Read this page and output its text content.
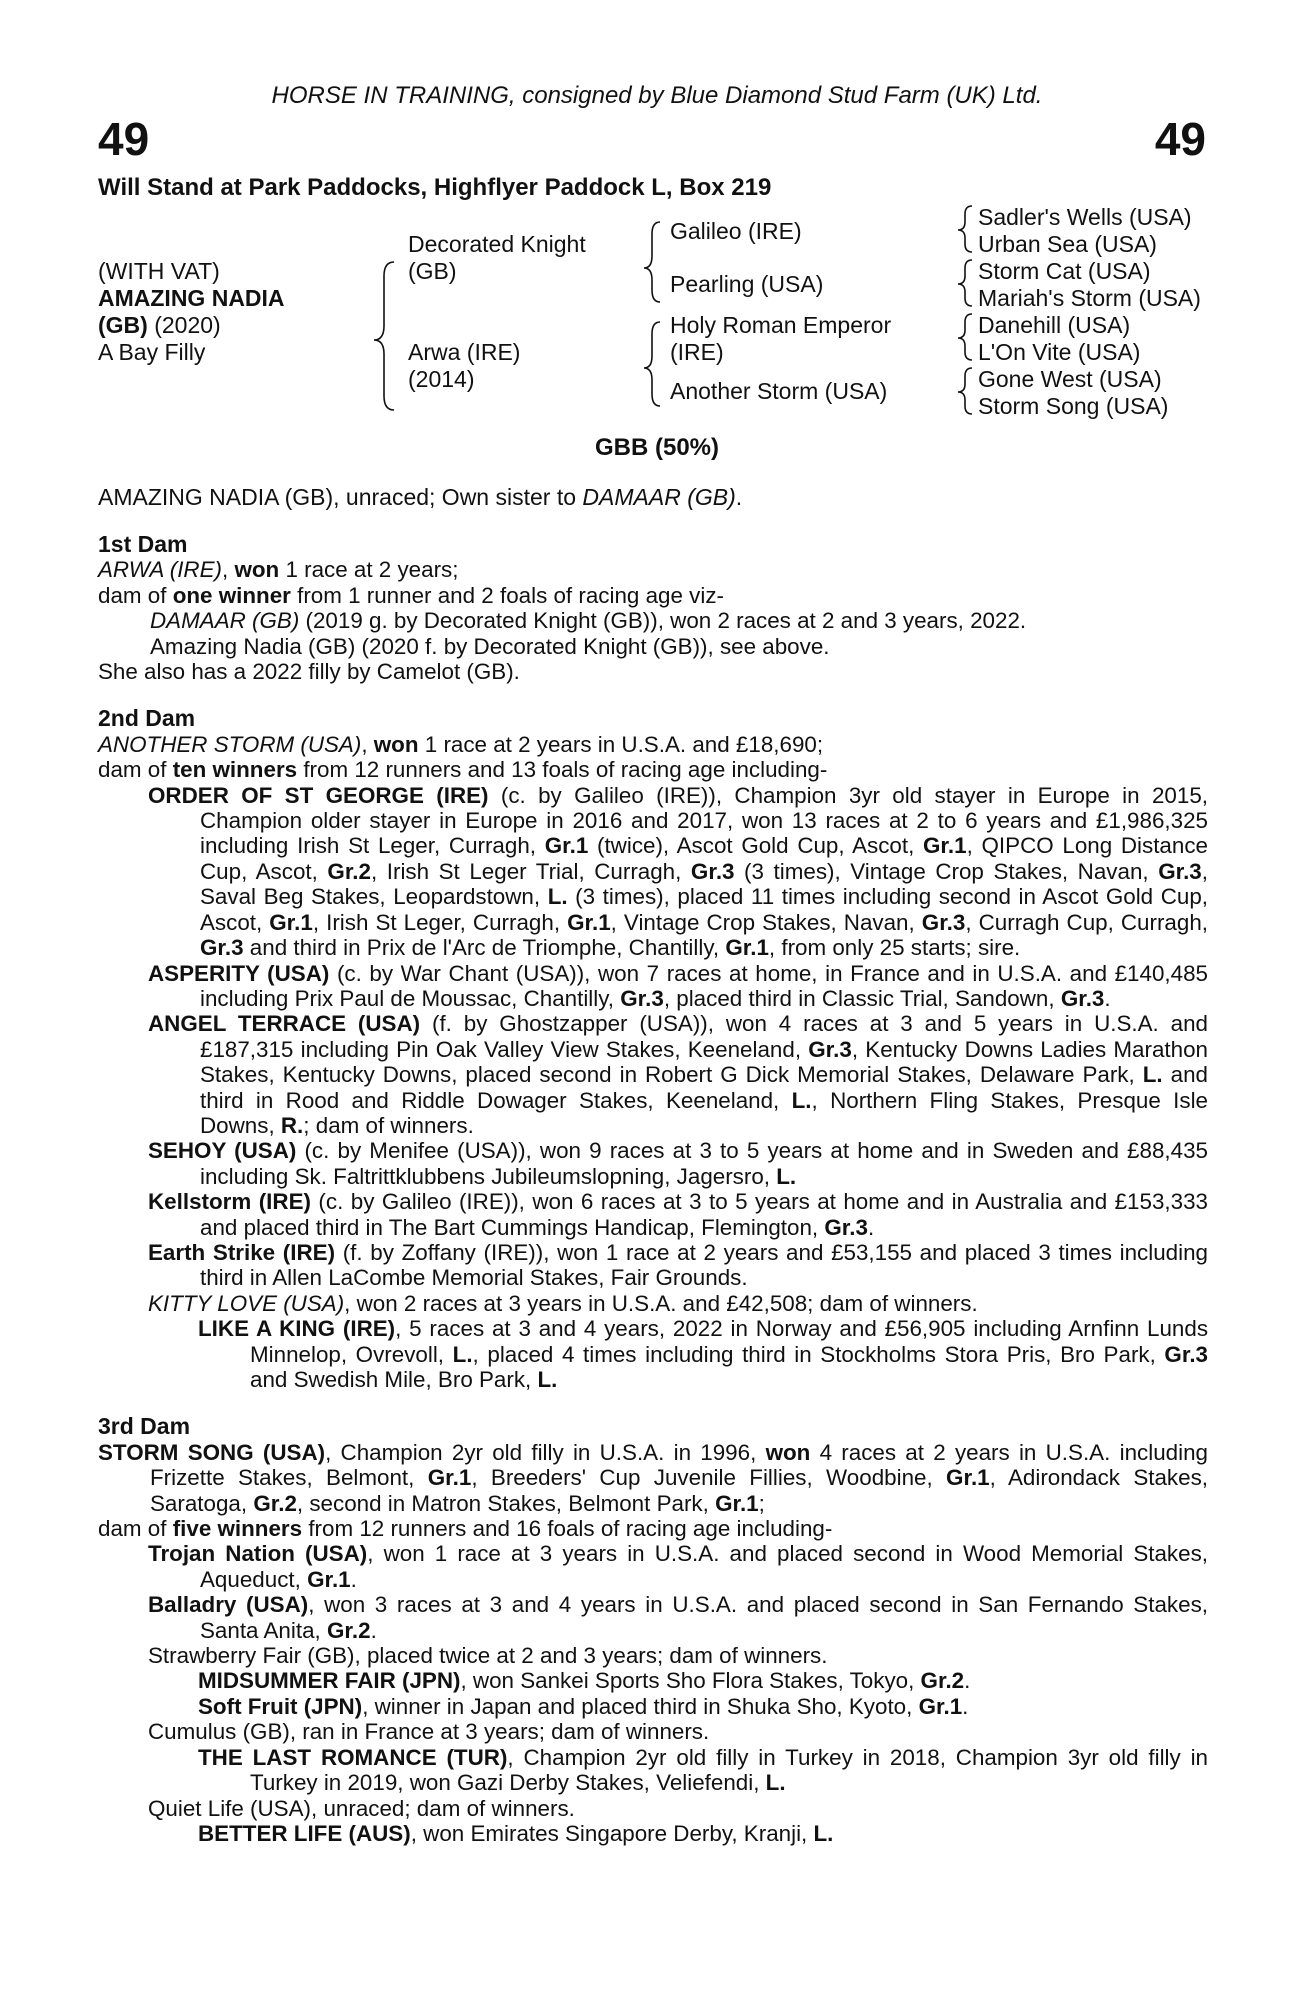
HORSE IN TRAINING, consigned by Blue Diamond Stud Farm (UK) Ltd.
49	49
Will Stand at Park Paddocks, Highflyer Paddock L, Box 219
(WITH VAT)
AMAZING NADIA
(GB) (2020)
A Bay Filly
Decorated Knight
(GB)
Arwa (IRE)
(2014)
Galileo (IRE)
Pearling (USA)
Holy Roman Emperor
(IRE)
Another Storm (USA)
Sadler's Wells (USA)
Urban Sea (USA)
Storm Cat (USA)
Mariah's Storm (USA)
Danehill (USA)
L'On Vite (USA)
Gone West (USA)
Storm Song (USA)
GBB (50%)
AMAZING NADIA (GB), unraced; Own sister to DAMAAR (GB).

1st Dam

ARWA (IRE), won 1 race at 2 years;

dam of one winner from 1 runner and 2 foals of racing age viz-

DAMAAR (GB) (2019 g. by Decorated Knight (GB)), won 2 races at 2 and 3 years, 2022.

Amazing Nadia (GB) (2020 f. by Decorated Knight (GB)), see above.

She also has a 2022 filly by Camelot (GB).

2nd Dam

ANOTHER STORM (USA), won 1 race at 2 years in U.S.A. and £18,690;

dam of ten winners from 12 runners and 13 foals of racing age including-

ORDER OF ST GEORGE (IRE) (c. by Galileo (IRE)), Champion 3yr old stayer in Europe in 2015, Champion older stayer in Europe in 2016 and 2017, won 13 races at 2 to 6 years and £1,986,325 including Irish St Leger, Curragh, Gr.1 (twice), Ascot Gold Cup, Ascot, Gr.1, QIPCO Long Distance Cup, Ascot, Gr.2, Irish St Leger Trial, Curragh, Gr.3 (3 times), Vintage Crop Stakes, Navan, Gr.3, Saval Beg Stakes, Leopardstown, L. (3 times), placed 11 times including second in Ascot Gold Cup, Ascot, Gr.1, Irish St Leger, Curragh, Gr.1, Vintage Crop Stakes, Navan, Gr.3, Curragh Cup, Curragh, Gr.3 and third in Prix de l'Arc de Triomphe, Chantilly, Gr.1, from only 25 starts; sire.

ASPERITY (USA) (c. by War Chant (USA)), won 7 races at home, in France and in U.S.A. and £140,485 including Prix Paul de Moussac, Chantilly, Gr.3, placed third in Classic Trial, Sandown, Gr.3.

ANGEL TERRACE (USA) (f. by Ghostzapper (USA)), won 4 races at 3 and 5 years in U.S.A. and £187,315 including Pin Oak Valley View Stakes, Keeneland, Gr.3, Kentucky Downs Ladies Marathon Stakes, Kentucky Downs, placed second in Robert G Dick Memorial Stakes, Delaware Park, L. and third in Rood and Riddle Dowager Stakes, Keeneland, L., Northern Fling Stakes, Presque Isle Downs, R.; dam of winners.

SEHOY (USA) (c. by Menifee (USA)), won 9 races at 3 to 5 years at home and in Sweden and £88,435 including Sk. Faltrittklubbens Jubileumslopning, Jagersro, L.

Kellstorm (IRE) (c. by Galileo (IRE)), won 6 races at 3 to 5 years at home and in Australia and £153,333 and placed third in The Bart Cummings Handicap, Flemington, Gr.3.

Earth Strike (IRE) (f. by Zoffany (IRE)), won 1 race at 2 years and £53,155 and placed 3 times including third in Allen LaCombe Memorial Stakes, Fair Grounds.

KITTY LOVE (USA), won 2 races at 3 years in U.S.A. and £42,508; dam of winners.

LIKE A KING (IRE), 5 races at 3 and 4 years, 2022 in Norway and £56,905 including Arnfinn Lunds Minnelop, Ovrevoll, L., placed 4 times including third in Stockholms Stora Pris, Bro Park, Gr.3 and Swedish Mile, Bro Park, L.

3rd Dam

STORM SONG (USA), Champion 2yr old filly in U.S.A. in 1996, won 4 races at 2 years in U.S.A. including Frizette Stakes, Belmont, Gr.1, Breeders' Cup Juvenile Fillies, Woodbine, Gr.1, Adirondack Stakes, Saratoga, Gr.2, second in Matron Stakes, Belmont Park, Gr.1;

dam of five winners from 12 runners and 16 foals of racing age including-

Trojan Nation (USA), won 1 race at 3 years in U.S.A. and placed second in Wood Memorial Stakes, Aqueduct, Gr.1.

Balladry (USA), won 3 races at 3 and 4 years in U.S.A. and placed second in San Fernando Stakes, Santa Anita, Gr.2.

Strawberry Fair (GB), placed twice at 2 and 3 years; dam of winners.

MIDSUMMER FAIR (JPN), won Sankei Sports Sho Flora Stakes, Tokyo, Gr.2.

Soft Fruit (JPN), winner in Japan and placed third in Shuka Sho, Kyoto, Gr.1.

Cumulus (GB), ran in France at 3 years; dam of winners.

THE LAST ROMANCE (TUR), Champion 2yr old filly in Turkey in 2018, Champion 3yr old filly in Turkey in 2019, won Gazi Derby Stakes, Veliefendi, L.

Quiet Life (USA), unraced; dam of winners.

BETTER LIFE (AUS), won Emirates Singapore Derby, Kranji, L.
